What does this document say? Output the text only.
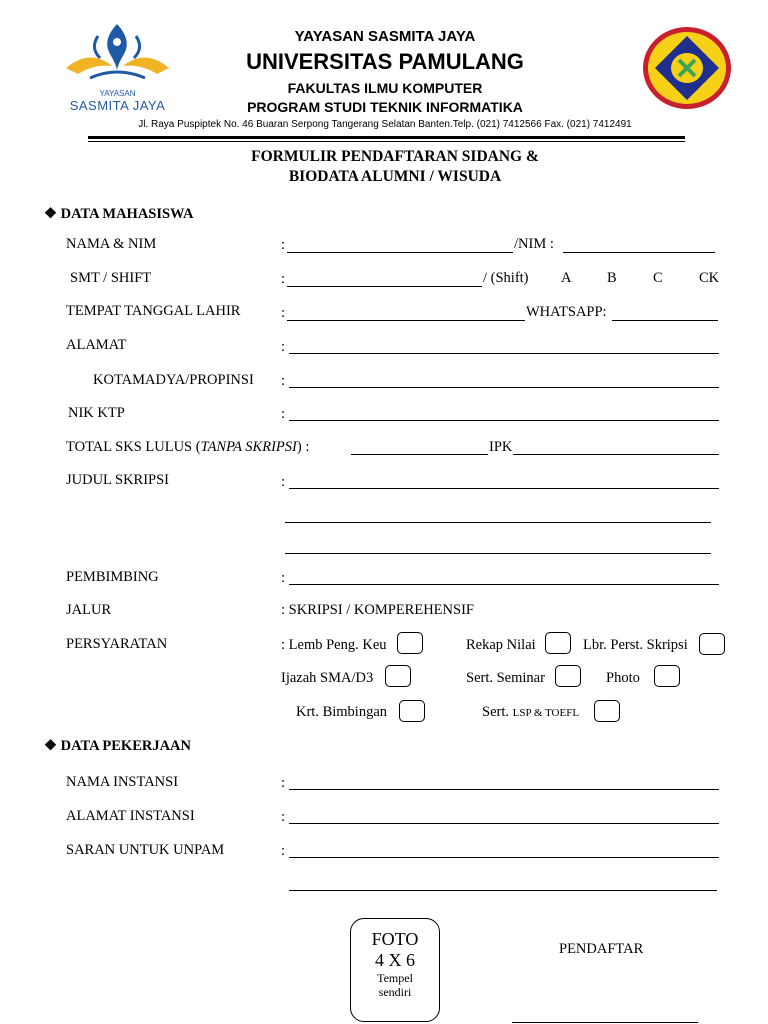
YAYASAN
SASMITA JAYA
YAYASAN SASMITA JAYA
UNIVERSITAS PAMULANG
FAKULTAS ILMU KOMPUTER
PROGRAM STUDI TEKNIK INFORMATIKA
Jl. Raya Puspiptek No. 46 Buaran Serpong Tangerang Selatan Banten.Telp. (021) 7412566 Fax. (021) 7412491
FORMULIR PENDAFTARAN SIDANG &
BIODATA ALUMNI / WISUDA
❖ DATA MAHASISWA
NAMA & NIM	:	/NIM :
SMT / SHIFT	:	/ (Shift) A B	C	CK
TEMPAT TANGGAL LAHIR	:	WHATSAPP:
ALAMAT	:
KOTAMADYA/PROPINSI :
NIK KTP	:
TOTAL SKS LULUS (TANPA SKRIPSI) :	IPK
JUDUL SKRIPSI	:
PEMBIMBING	:
JALUR	: SKRIPSI / KOMPEREHENSIF
PERSYARATAN	: Lemb Peng. Keu	Rekap Nilai	Lbr. Perst. Skripsi
Ijazah SMA/D3	Sert. Seminar	Photo
Krt. Bimbingan	Sert. LSP & TOEFL
❖ DATA PEKERJAAN
NAMA INSTANSI	:
ALAMAT INSTANSI	:
SARAN UNTUK UNPAM	:
FOTO
4 X 6
Tempel
sendiri
PENDAFTAR
